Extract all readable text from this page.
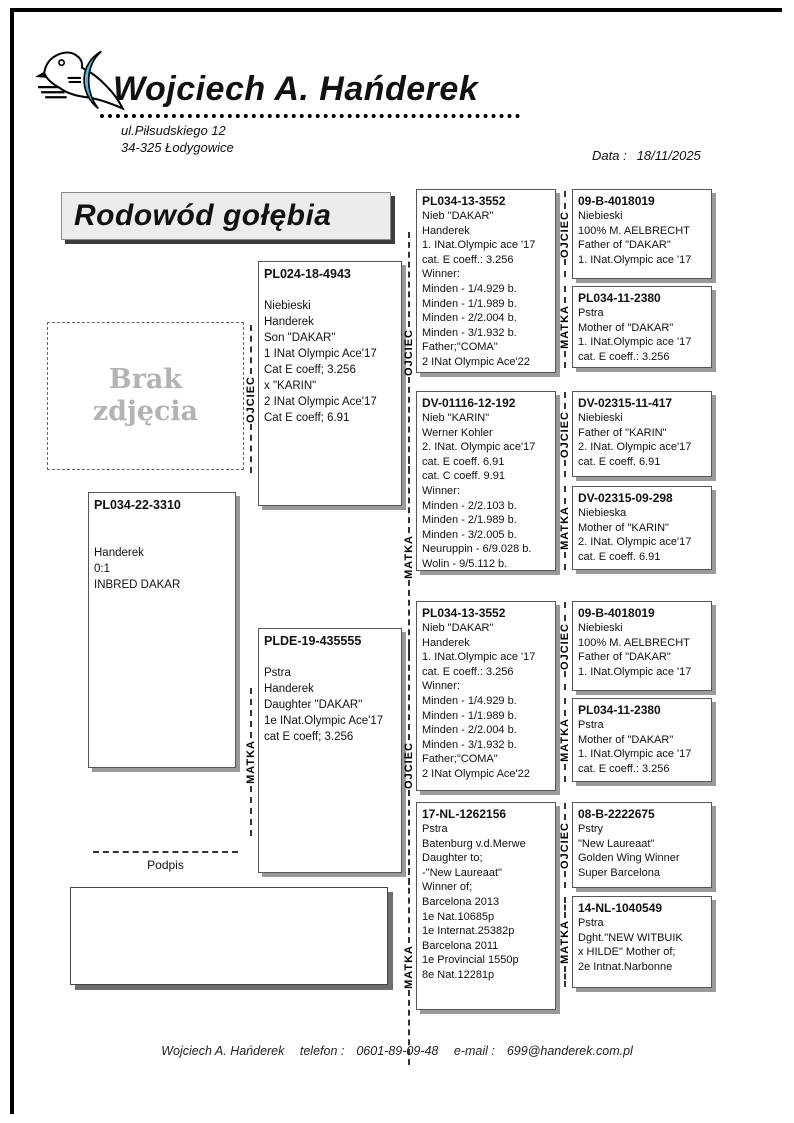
Wojciech A. Hańderek
ul.Piłsudskiego 12
34-325 Łodygowice
Data : 18/11/2025
Rodowód gołębia
Brak
zdjęcia
PL034-22-3310

Handerek
0:1
INBRED DAKAR
PL024-18-4943

Niebieski
Handerek
Son "DAKAR"
1 INat Olympic Ace'17
Cat E coeff; 3.256
x "KARIN"
2 INat Olympic Ace'17
Cat E coeff; 6.91
PLDE-19-435555

Pstra
Handerek
Daughter "DAKAR"
1e INat.Olympic Ace'17
cat E coeff; 3.256
PL034-13-3552
Nieb "DAKAR"
Handerek
1. INat.Olympic ace '17
cat. E coeff.: 3.256
Winner:
Minden - 1/4.929 b.
Minden - 1/1.989 b.
Minden - 2/2.004 b.
Minden - 3/1.932 b.
Father;"COMA"
2 INat Olympic Ace'22
DV-01116-12-192
Nieb "KARIN"
Werner Kohler
2. INat. Olympic ace'17
cat. E coeff. 6.91
cat. C coeff. 9.91
Winner:
Minden - 2/2.103 b.
Minden - 2/1.989 b.
Minden - 3/2.005 b.
Neuruppin - 6/9.028 b.
Wolin - 9/5.112 b.
PL034-13-3552
Nieb "DAKAR"
Handerek
1. INat.Olympic ace '17
cat. E coeff.: 3.256
Winner:
Minden - 1/4.929 b.
Minden - 1/1.989 b.
Minden - 2/2.004 b.
Minden - 3/1.932 b.
Father;"COMA"
2 INat Olympic Ace'22
17-NL-1262156
Pstra
Batenburg v.d.Merwe
Daughter to;
-"New Laureaat"
Winner of;
Barcelona 2013
1e Nat.10685p
1e Internat.25382p
Barcelona 2011
1e Provincial 1550p
8e Nat.12281p
09-B-4018019
Niebieski
100% M. AELBRECHT
Father of "DAKAR"
1. INat.Olympic ace '17
PL034-11-2380
Pstra
Mother of "DAKAR"
1. INat.Olympic ace '17
cat. E coeff.: 3.256
DV-02315-11-417
Niebieski
Father of "KARIN"
2. INat. Olympic ace'17
cat. E coeff. 6.91
DV-02315-09-298
Niebieska
Mother of "KARIN"
2. INat. Olympic ace'17
cat. E coeff. 6.91
09-B-4018019
Niebieski
100% M. AELBRECHT
Father of "DAKAR"
1. INat.Olympic ace '17
PL034-11-2380
Pstra
Mother of "DAKAR"
1. INat.Olympic ace '17
cat. E coeff.: 3.256
08-B-2222675
Pstry
"New Laureaat"
Golden Wing Winner
Super Barcelona
14-NL-1040549
Pstra
Dght."NEW WITBUIK
x HILDE" Mother of;
2e Intnat.Narbonne
OJCIEC
MATKA
OJCIEC
MATKA
OJCIEC
MATKA
OJCIEC
MATKA
OJCIEC
MATKA
OJCIEC
MATKA
OJCIEC
MATKA
Podpis
Wojciech A. Hańderek telefon : 0601-89-09-48 e-mail : 699@handerek.com.pl
